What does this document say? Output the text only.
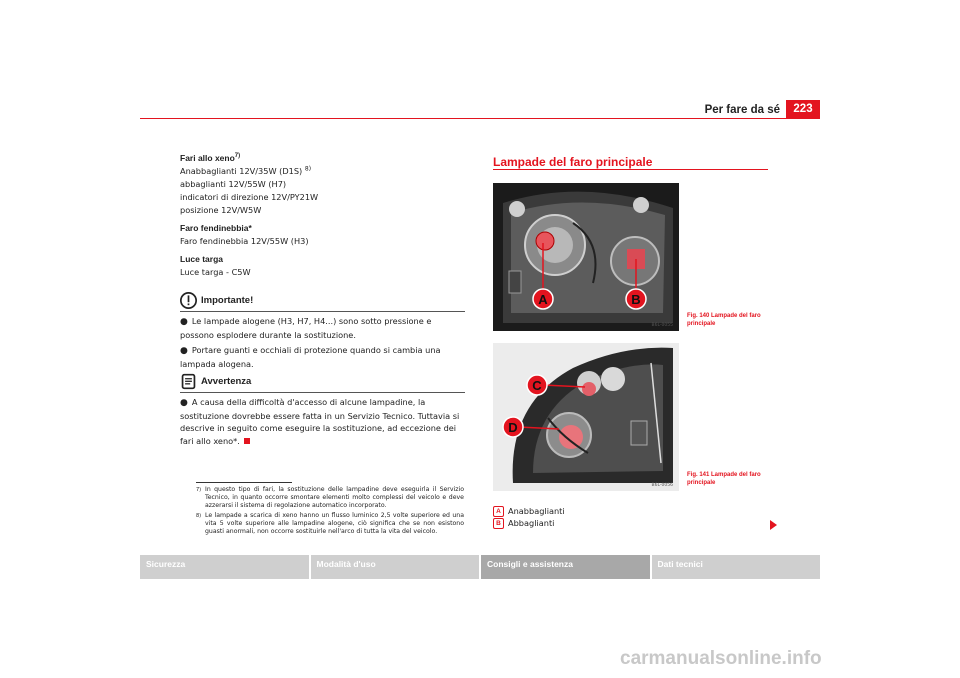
Per fare da sé	223
Fari allo xeno$^{7)}$
Anabbaglianti 12V/35W (D1S) $^{8)}$
abbaglianti 12V/55W (H7)
indicatori di direzione 12V/PY21W
posizione 12V/W5W
Faro fendinebbia*
Faro fendinebbia 12V/55W (H3)
Luce targa
Luce targa - C5W
Importante!

● Le lampade alogene (H3, H7, H4...) sono sotto pressione e possono esplodere durante la sostituzione.

● Portare guanti e occhiali di protezione quando si cambia una lampada alogena.

Avvertenza

● A causa della difficoltà d'accesso di alcune lampadine, la sostituzione dovrebbe essere fatta in un Servizio Tecnico. Tuttavia si descrive in seguito come eseguire la sostituzione, ad eccezione dei fari allo xeno*.

7) In questo tipo di fari, la sostituzione delle lampadine deve eseguirla il Servizio Tecnico, in quanto occorre smontare elementi molto complessi del veicolo e deve azzerarsi il sistema di regolazione automatico incorporato.
8) Le lampade a scarica di xeno hanno un flusso luminico 2,5 volte superiore ed una vita 5 volte superiore alle lampadine alogene, ciò significa che se non esistono guasti anormali, non occorre sostituirle nell'arco di tutta la vita del veicolo.
Lampade del faro principale
A	B
B6L-0055
Fig. 140 Lampade del faro principale
C
D
B6L-0056
Fig. 141 Lampade del faro principale
A Anabbaglianti
B Abbaglianti
Sicurezza	Modalità d'uso	Consigli e assistenza	Dati tecnici
carmanualsonline.info
